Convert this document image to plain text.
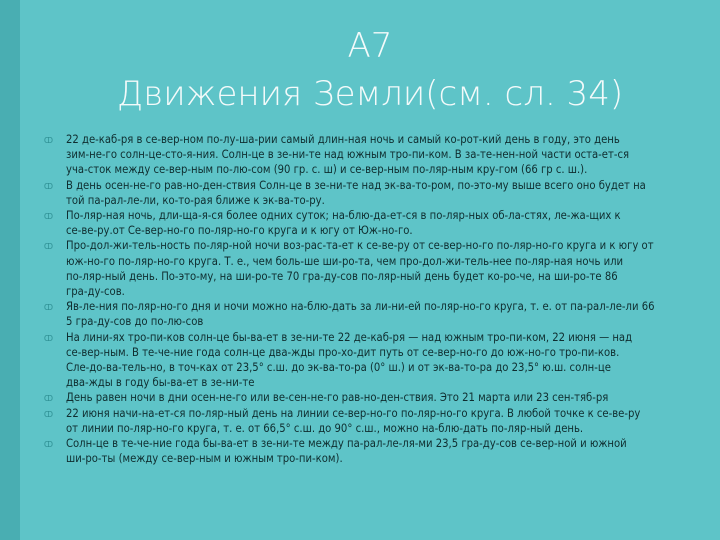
А7
Движения Земли(см. сл. 34)
ↀ 22 де-каб-ря в се-вер-ном по-лу-ша-рии самый длин-ная ночь и самый ко-рот-кий день в году, это день
зим-не-го солн-це-сто-я-ния. Солн-це в зе-ни-те над южным тро-пи-ком. В за-те-нен-ной части оста-ет-ся
уча-сток между се-вер-ным по-лю-сом (90 гр. с. ш) и се-вер-ным по-ляр-ным кру-гом (66 гр с. ш.).
ↀ В день осен-не-го рав-но-ден-ствия Солн-це в зе-ни-те над эк-ва-то-ром, по-это-му выше всего оно будет на
той па-рал-ле-ли, ко-то-рая ближе к эк-ва-то-ру.
ↀ По-ляр-ная ночь, дли-ща-я-ся более одних суток; на-блю-да-ет-ся в по-ляр-ных об-ла-стях, ле-жа-щих к
се-ве-ру.от Се-вер-но-го по-ляр-но-го круга и к югу от Юж-но-го.
ↀ Про-дол-жи-тель-ность по-ляр-ной ночи воз-рас-та-ет к се-ве-ру от се-вер-но-го по-ляр-но-го круга и к югу от
юж-но-го по-ляр-но-го круга. Т. е., чем боль-ше ши-ро-та, чем про-дол-жи-тель-нее по-ляр-ная ночь или
по-ляр-ный день. По-это-му, на ши-ро-те 70 гра-дy-сов по-ляр-ный день будет ко-ро-че, на ши-ро-те 86
гра-ду-сов.
ↀ Яв-ле-ния по-ляр-но-го дня и ночи можно на-блю-дать за ли-ни-ей по-ляр-но-го круга, т. е. от па-рал-ле-ли 66
5 гра-ду-сов до по-лю-сов
ↀ На лини-ях тро-пи-ков солн-це бы-ва-ет в зе-ни-те 22 де-каб-ря — над южным тро-пи-ком, 22 июня — над
се-вер-ным. В те-че-ние года солн-це два-жды про-хо-дит путь от се-вер-но-го до юж-но-го тро-пи-ков.
Сле-до-ва-тель-но, в точ-ках от 23,5° с.ш. до эк-ва-то-ра (0° ш.) и от эк-ва-то-ра до 23,5° ю.ш. солн-це
два-жды в году бы-ва-ет в зе-ни-те
ↀ День равен ночи в дни осен-не-го или ве-сен-не-го рав-но-ден-ствия. Это 21 марта или 23 сен-тяб-ря
ↀ 22 июня начи-на-ет-ся по-ляр-ный день на линии се-вер-но-го по-ляр-но-го круга. В любой точке к се-ве-ру
от линии по-ляр-но-го круга, т. е. от 66,5° с.ш. до 90° с.ш., можно на-блю-дать по-ляр-ный день.
ↀ Солн-це в те-че-ние года бы-ва-ет в зе-ни-те между па-рал-ле-ля-ми 23,5 гра-ду-сов се-вер-ной и южной
ши-ро-ты (между се-вер-ным и южным тро-пи-ком).
